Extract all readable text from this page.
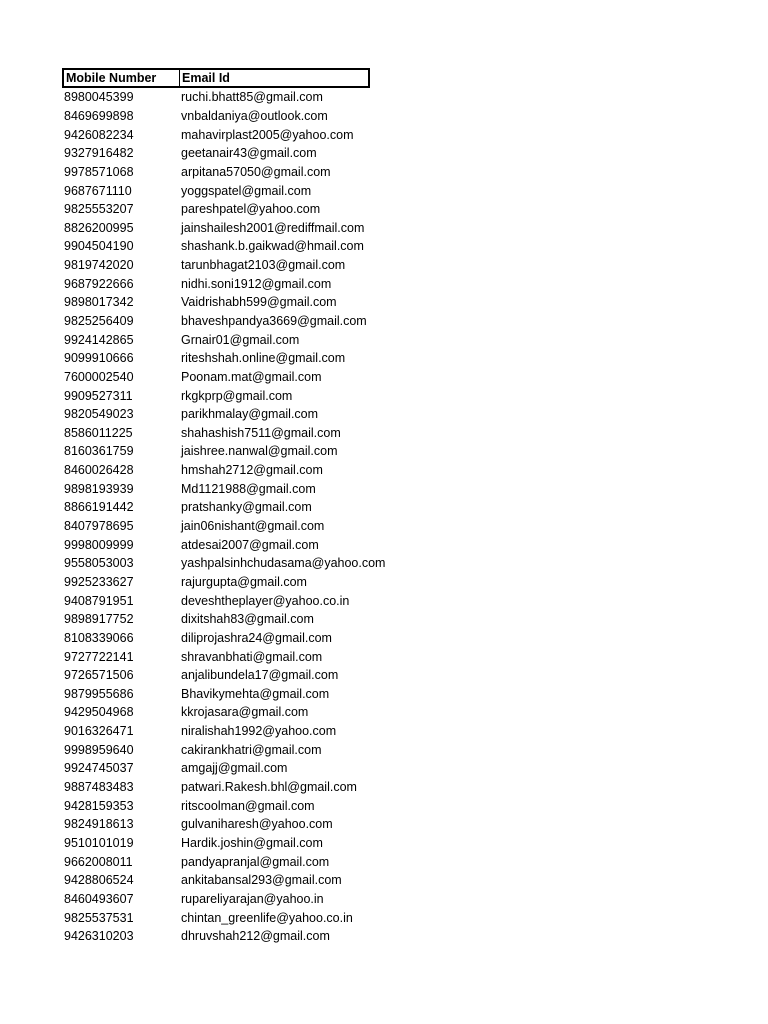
Mobile Number	Email Id
8980045399	ruchi.bhatt85@gmail.com
8469699898	vnbaldaniya@outlook.com
9426082234	mahavirplast2005@yahoo.com
9327916482	geetanair43@gmail.com
9978571068	arpitana57050@gmail.com
9687671110	yoggspatel@gmail.com
9825553207	pareshpatel@yahoo.com
8826200995	jainshailesh2001@rediffmail.com
9904504190	shashank.b.gaikwad@hmail.com
9819742020	tarunbhagat2103@gmail.com
9687922666	nidhi.soni1912@gmail.com
9898017342	Vaidrishabh599@gmail.com
9825256409	bhaveshpandya3669@gmail.com
9924142865	Grnair01@gmail.com
9099910666	riteshshah.online@gmail.com
7600002540	Poonam.mat@gmail.com
9909527311	rkgkprp@gmail.com
9820549023	parikhmalay@gmail.com
8586011225	shahashish7511@gmail.com
8160361759	jaishree.nanwal@gmail.com
8460026428	hmshah2712@gmail.com
9898193939	Md1121988@gmail.com
8866191442	pratshanky@gmail.com
8407978695	jain06nishant@gmail.com
9998009999	atdesai2007@gmail.com
9558053003	yashpalsinhchudasama@yahoo.com
9925233627	rajurgupta@gmail.com
9408791951	deveshtheplayer@yahoo.co.in
9898917752	dixitshah83@gmail.com
8108339066	diliprojashra24@gmail.com
9727722141	shravanbhati@gmail.com
9726571506	anjalibundela17@gmail.com
9879955686	Bhavikymehta@gmail.com
9429504968	kkrojasara@gmail.com
9016326471	niralishah1992@yahoo.com
9998959640	cakirankhatri@gmail.com
9924745037	amgajj@gmail.com
9887483483	patwari.Rakesh.bhl@gmail.com
9428159353	ritscoolman@gmail.com
9824918613	gulvaniharesh@yahoo.com
9510101019	Hardik.joshin@gmail.com
9662008011	pandyapranjal@gmail.com
9428806524	ankitabansal293@gmail.com
8460493607	rupareliyarajan@yahoo.in
9825537531	chintan_greenlife@yahoo.co.in
9426310203	dhruvshah212@gmail.com
